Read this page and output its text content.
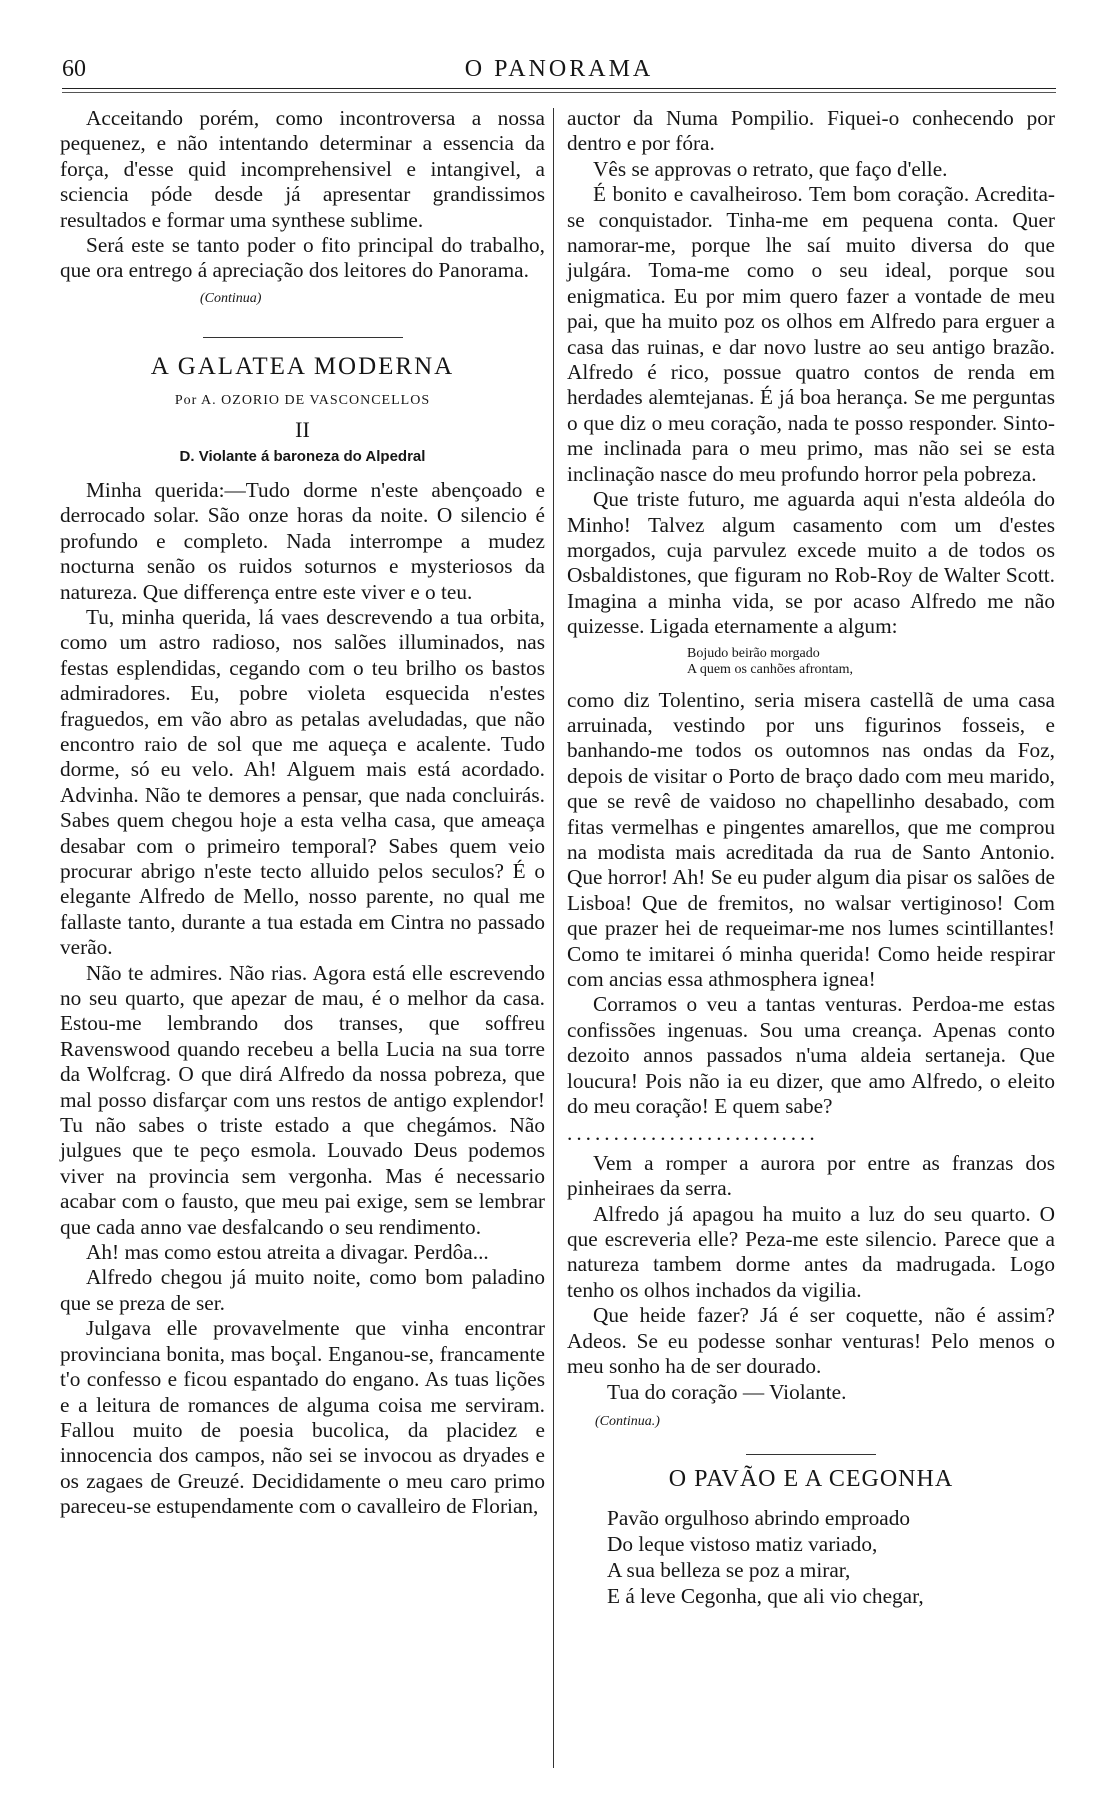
60	O PANORAMA

Acceitando porém, como incontroversa a nossa pequenez, e não intentando determinar a essencia da força, d'esse quid incomprehensivel e intangivel, a sciencia póde desde já apresentar grandissimos resultados e formar uma synthese sublime.

Será este se tanto poder o fito principal do trabalho, que ora entrego á apreciação dos leitores do Panorama.

(Continua)

A GALATEA MODERNA
Por A. OZORIO DE VASCONCELLOS
II
D. Violante á baroneza do Alpedral

Minha querida:—Tudo dorme n'este abençoado e derrocado solar. São onze horas da noite. O silencio é profundo e completo. Nada interrompe a mudez nocturna senão os ruidos soturnos e mysteriosos da natureza. Que differença entre este viver e o teu.

Tu, minha querida, lá vaes descrevendo a tua orbita, como um astro radioso, nos salões illuminados, nas festas esplendidas, cegando com o teu brilho os bastos admiradores. Eu, pobre violeta esquecida n'estes fraguedos, em vão abro as petalas aveludadas, que não encontro raio de sol que me aqueça e acalente. Tudo dorme, só eu velo. Ah! Alguem mais está acordado. Advinha. Não te demores a pensar, que nada concluirás. Sabes quem chegou hoje a esta velha casa, que ameaça desabar com o primeiro temporal? Sabes quem veio procurar abrigo n'este tecto alluido pelos seculos? É o elegante Alfredo de Mello, nosso parente, no qual me fallaste tanto, durante a tua estada em Cintra no passado verão.

Não te admires. Não rias. Agora está elle escrevendo no seu quarto, que apezar de mau, é o melhor da casa. Estou-me lembrando dos transes, que soffreu Ravenswood quando recebeu a bella Lucia na sua torre da Wolfcrag. O que dirá Alfredo da nossa pobreza, que mal posso disfarçar com uns restos de antigo explendor! Tu não sabes o triste estado a que chegámos. Não julgues que te peço esmola. Louvado Deus podemos viver na provincia sem vergonha. Mas é necessario acabar com o fausto, que meu pai exige, sem se lembrar que cada anno vae desfalcando o seu rendimento.

Ah! mas como estou atreita a divagar. Perdôa...

Alfredo chegou já muito noite, como bom paladino que se preza de ser.

Julgava elle provavelmente que vinha encontrar provinciana bonita, mas boçal. Enganou-se, francamente t'o confesso e ficou espantado do engano. As tuas lições e a leitura de romances de alguma coisa me serviram. Fallou muito de poesia bucolica, da placidez e innocencia dos campos, não sei se invocou as dryades e os zagaes de Greuzé. Decididamente o meu caro primo pareceu-se estupendamente com o cavalleiro de Florian,

auctor da Numa Pompilio. Fiquei-o conhecendo por dentro e por fóra.

Vês se approvas o retrato, que faço d'elle.

É bonito e cavalheiroso. Tem bom coração. Acredita-se conquistador. Tinha-me em pequena conta. Quer namorar-me, porque lhe saí muito diversa do que julgára. Toma-me como o seu ideal, porque sou enigmatica. Eu por mim quero fazer a vontade de meu pai, que ha muito poz os olhos em Alfredo para erguer a casa das ruinas, e dar novo lustre ao seu antigo brazão. Alfredo é rico, possue quatro contos de renda em herdades alemtejanas. É já boa herança. Se me perguntas o que diz o meu coração, nada te posso responder. Sinto-me inclinada para o meu primo, mas não sei se esta inclinação nasce do meu profundo horror pela pobreza.

Que triste futuro, me aguarda aqui n'esta aldeóla do Minho! Talvez algum casamento com um d'estes morgados, cuja parvulez excede muito a de todos os Osbaldistones, que figuram no Rob-Roy de Walter Scott. Imagina a minha vida, se por acaso Alfredo me não quizesse. Ligada eternamente a algum:

Bojudo beirão morgado
A quem os canhões afrontam,

como diz Tolentino, seria misera castellã de uma casa arruinada, vestindo por uns figurinos fosseis, e banhando-me todos os outomnos nas ondas da Foz, depois de visitar o Porto de braço dado com meu marido, que se revê de vaidoso no chapellinho desabado, com fitas vermelhas e pingentes amarellos, que me comprou na modista mais acreditada da rua de Santo Antonio. Que horror! Ah! Se eu puder algum dia pisar os salões de Lisboa! Que de fremitos, no walsar vertiginoso! Com que prazer hei de requeimar-me nos lumes scintillantes! Como te imitarei ó minha querida! Como heide respirar com ancias essa athmosphera ignea!

Corramos o veu a tantas venturas. Perdoa-me estas confissões ingenuas. Sou uma creança. Apenas conto dezoito annos passados n'uma aldeia sertaneja. Que loucura! Pois não ia eu dizer, que amo Alfredo, o eleito do meu coração! E quem sabe?

...........................

Vem a romper a aurora por entre as franzas dos pinheiraes da serra.

Alfredo já apagou ha muito a luz do seu quarto. O que escreveria elle? Peza-me este silencio. Parece que a natureza tambem dorme antes da madrugada. Logo tenho os olhos inchados da vigilia.

Que heide fazer? Já é ser coquette, não é assim? Adeos. Se eu podesse sonhar venturas! Pelo menos o meu sonho ha de ser dourado.

Tua do coração — Violante.

(Continua.)

O PAVÃO E A CEGONHA
Pavão orgulhoso abrindo emproado
Do leque vistoso matiz variado,
A sua belleza se poz a mirar,
E á leve Cegonha, que ali vio chegar,
